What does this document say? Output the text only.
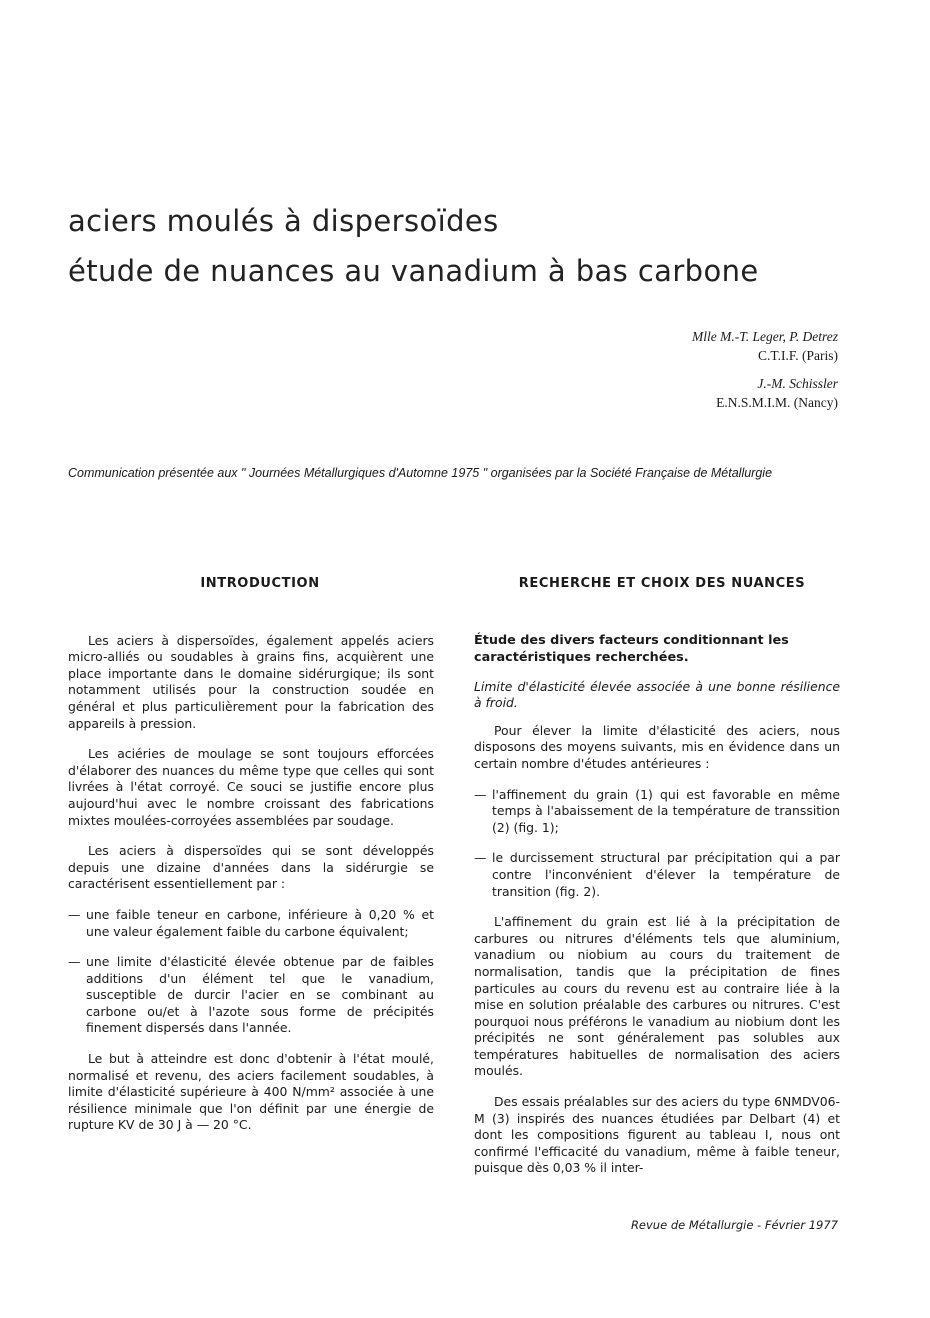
aciers moulés à dispersoïdes
étude de nuances au vanadium à bas carbone
Mlle M.-T. Leger, P. Detrez
C.T.I.F. (Paris)
J.-M. Schissler
E.N.S.M.I.M. (Nancy)
Communication présentée aux " Journées Métallurgiques d'Automne 1975 " organisées par la Société Française de Métallurgie
INTRODUCTION

Les aciers à dispersoïdes, également appelés aciers micro-alliés ou soudables à grains fins, acquièrent une place importante dans le domaine sidérurgique; ils sont notamment utilisés pour la construction soudée en général et plus particulièrement pour la fabrication des appareils à pression.

Les aciéries de moulage se sont toujours efforcées d'élaborer des nuances du même type que celles qui sont livrées à l'état corroyé. Ce souci se justifie encore plus aujourd'hui avec le nombre croissant des fabrications mixtes moulées-corroyées assemblées par soudage.

Les aciers à dispersoïdes qui se sont développés depuis une dizaine d'années dans la sidérurgie se caractérisent essentiellement par :

— une faible teneur en carbone, inférieure à 0,20 % et une valeur également faible du carbone équivalent;
— une limite d'élasticité élevée obtenue par de faibles additions d'un élément tel que le vanadium, susceptible de durcir l'acier en se combinant au carbone ou/et à l'azote sous forme de précipités finement dispersés dans l'année.

Le but à atteindre est donc d'obtenir à l'état moulé, normalisé et revenu, des aciers facilement soudables, à limite d'élasticité supérieure à 400 N/mm² associée à une résilience minimale que l'on définit par une énergie de rupture KV de 30 J à — 20 °C.

RECHERCHE ET CHOIX DES NUANCES
Étude des divers facteurs conditionnant les caractéristiques recherchées.
Limite d'élasticité élevée associée à une bonne résilience à froid.

Pour élever la limite d'élasticité des aciers, nous disposons des moyens suivants, mis en évidence dans un certain nombre d'études antérieures :

— l'affinement du grain (1) qui est favorable en même temps à l'abaissement de la température de transsition (2) (fig. 1);
— le durcissement structural par précipitation qui a par contre l'inconvénient d'élever la température de transition (fig. 2).

L'affinement du grain est lié à la précipitation de carbures ou nitrures d'éléments tels que aluminium, vanadium ou niobium au cours du traitement de normalisation, tandis que la précipitation de fines particules au cours du revenu est au contraire liée à la mise en solution préalable des carbures ou nitrures. C'est pourquoi nous préférons le vanadium au niobium dont les précipités ne sont généralement pas solubles aux températures habituelles de normalisation des aciers moulés.

Des essais préalables sur des aciers du type 6NMDV06-M (3) inspirés des nuances étudiées par Delbart (4) et dont les compositions figurent au tableau I, nous ont confirmé l'efficacité du vanadium, même à faible teneur, puisque dès 0,03 % il inter-

Revue de Métallurgie - Février 1977
